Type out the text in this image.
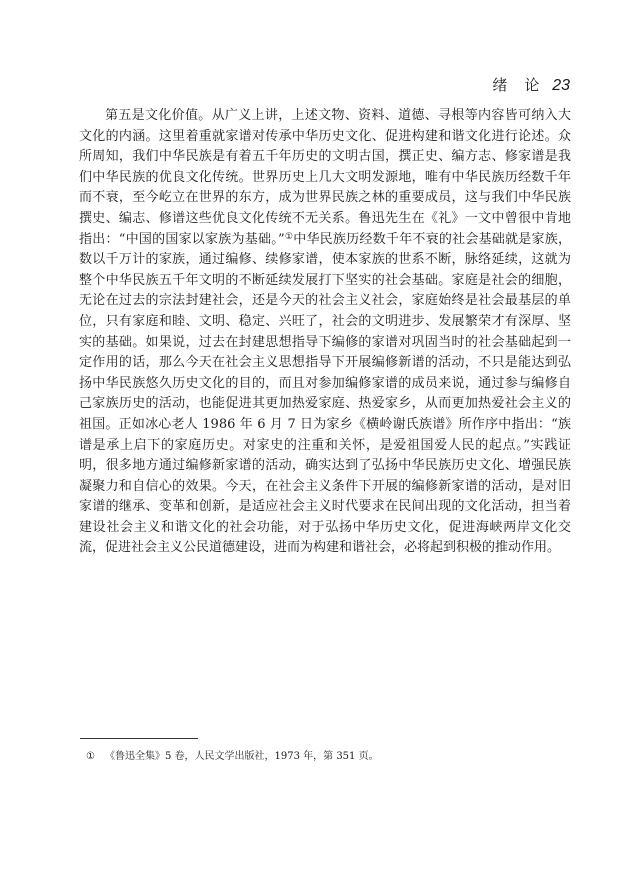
绪　论 23

第五是文化价值。从广义上讲，上述文物、资料、道德、寻根等内容皆可纳入大文化的内涵。这里着重就家谱对传承中华历史文化、促进构建和谐文化进行论述。众所周知，我们中华民族是有着五千年历史的文明古国，撰正史、编方志、修家谱是我们中华民族的优良文化传统。世界历史上几大文明发源地，唯有中华民族历经数千年而不衰，至今屹立在世界的东方，成为世界民族之林的重要成员，这与我们中华民族撰史、编志、修谱这些优良文化传统不无关系。鲁迅先生在《礼》一文中曾很中肯地指出：“中国的国家以家族为基础。”①中华民族历经数千年不衰的社会基础就是家族，数以千万计的家族，通过编修、续修家谱，使本家族的世系不断，脉络延续，这就为整个中华民族五千年文明的不断延续发展打下坚实的社会基础。家庭是社会的细胞，无论在过去的宗法封建社会，还是今天的社会主义社会，家庭始终是社会最基层的单位，只有家庭和睦、文明、稳定、兴旺了，社会的文明进步、发展繁荣才有深厚、坚实的基础。如果说，过去在封建思想指导下编修的家谱对巩固当时的社会基础起到一定作用的话，那么今天在社会主义思想指导下开展编修新谱的活动，不只是能达到弘扬中华民族悠久历史文化的目的，而且对参加编修家谱的成员来说，通过参与编修自己家族历史的活动，也能促进其更加热爱家庭、热爱家乡，从而更加热爱社会主义的祖国。正如冰心老人 1986 年 6 月 7 日为家乡《横岭谢氏族谱》所作序中指出：“族谱是承上启下的家庭历史。对家史的注重和关怀，是爱祖国爱人民的起点。”实践证明，很多地方通过编修新家谱的活动，确实达到了弘扬中华民族历史文化、增强民族凝聚力和自信心的效果。今天，在社会主义条件下开展的编修新家谱的活动，是对旧家谱的继承、变革和创新，是适应社会主义时代要求在民间出现的文化活动，担当着建设社会主义和谐文化的社会功能，对于弘扬中华历史文化，促进海峡两岸文化交流，促进社会主义公民道德建设，进而为构建和谐社会，必将起到积极的推动作用。

① 《鲁迅全集》5 卷，人民文学出版社，1973 年，第 351 页。
